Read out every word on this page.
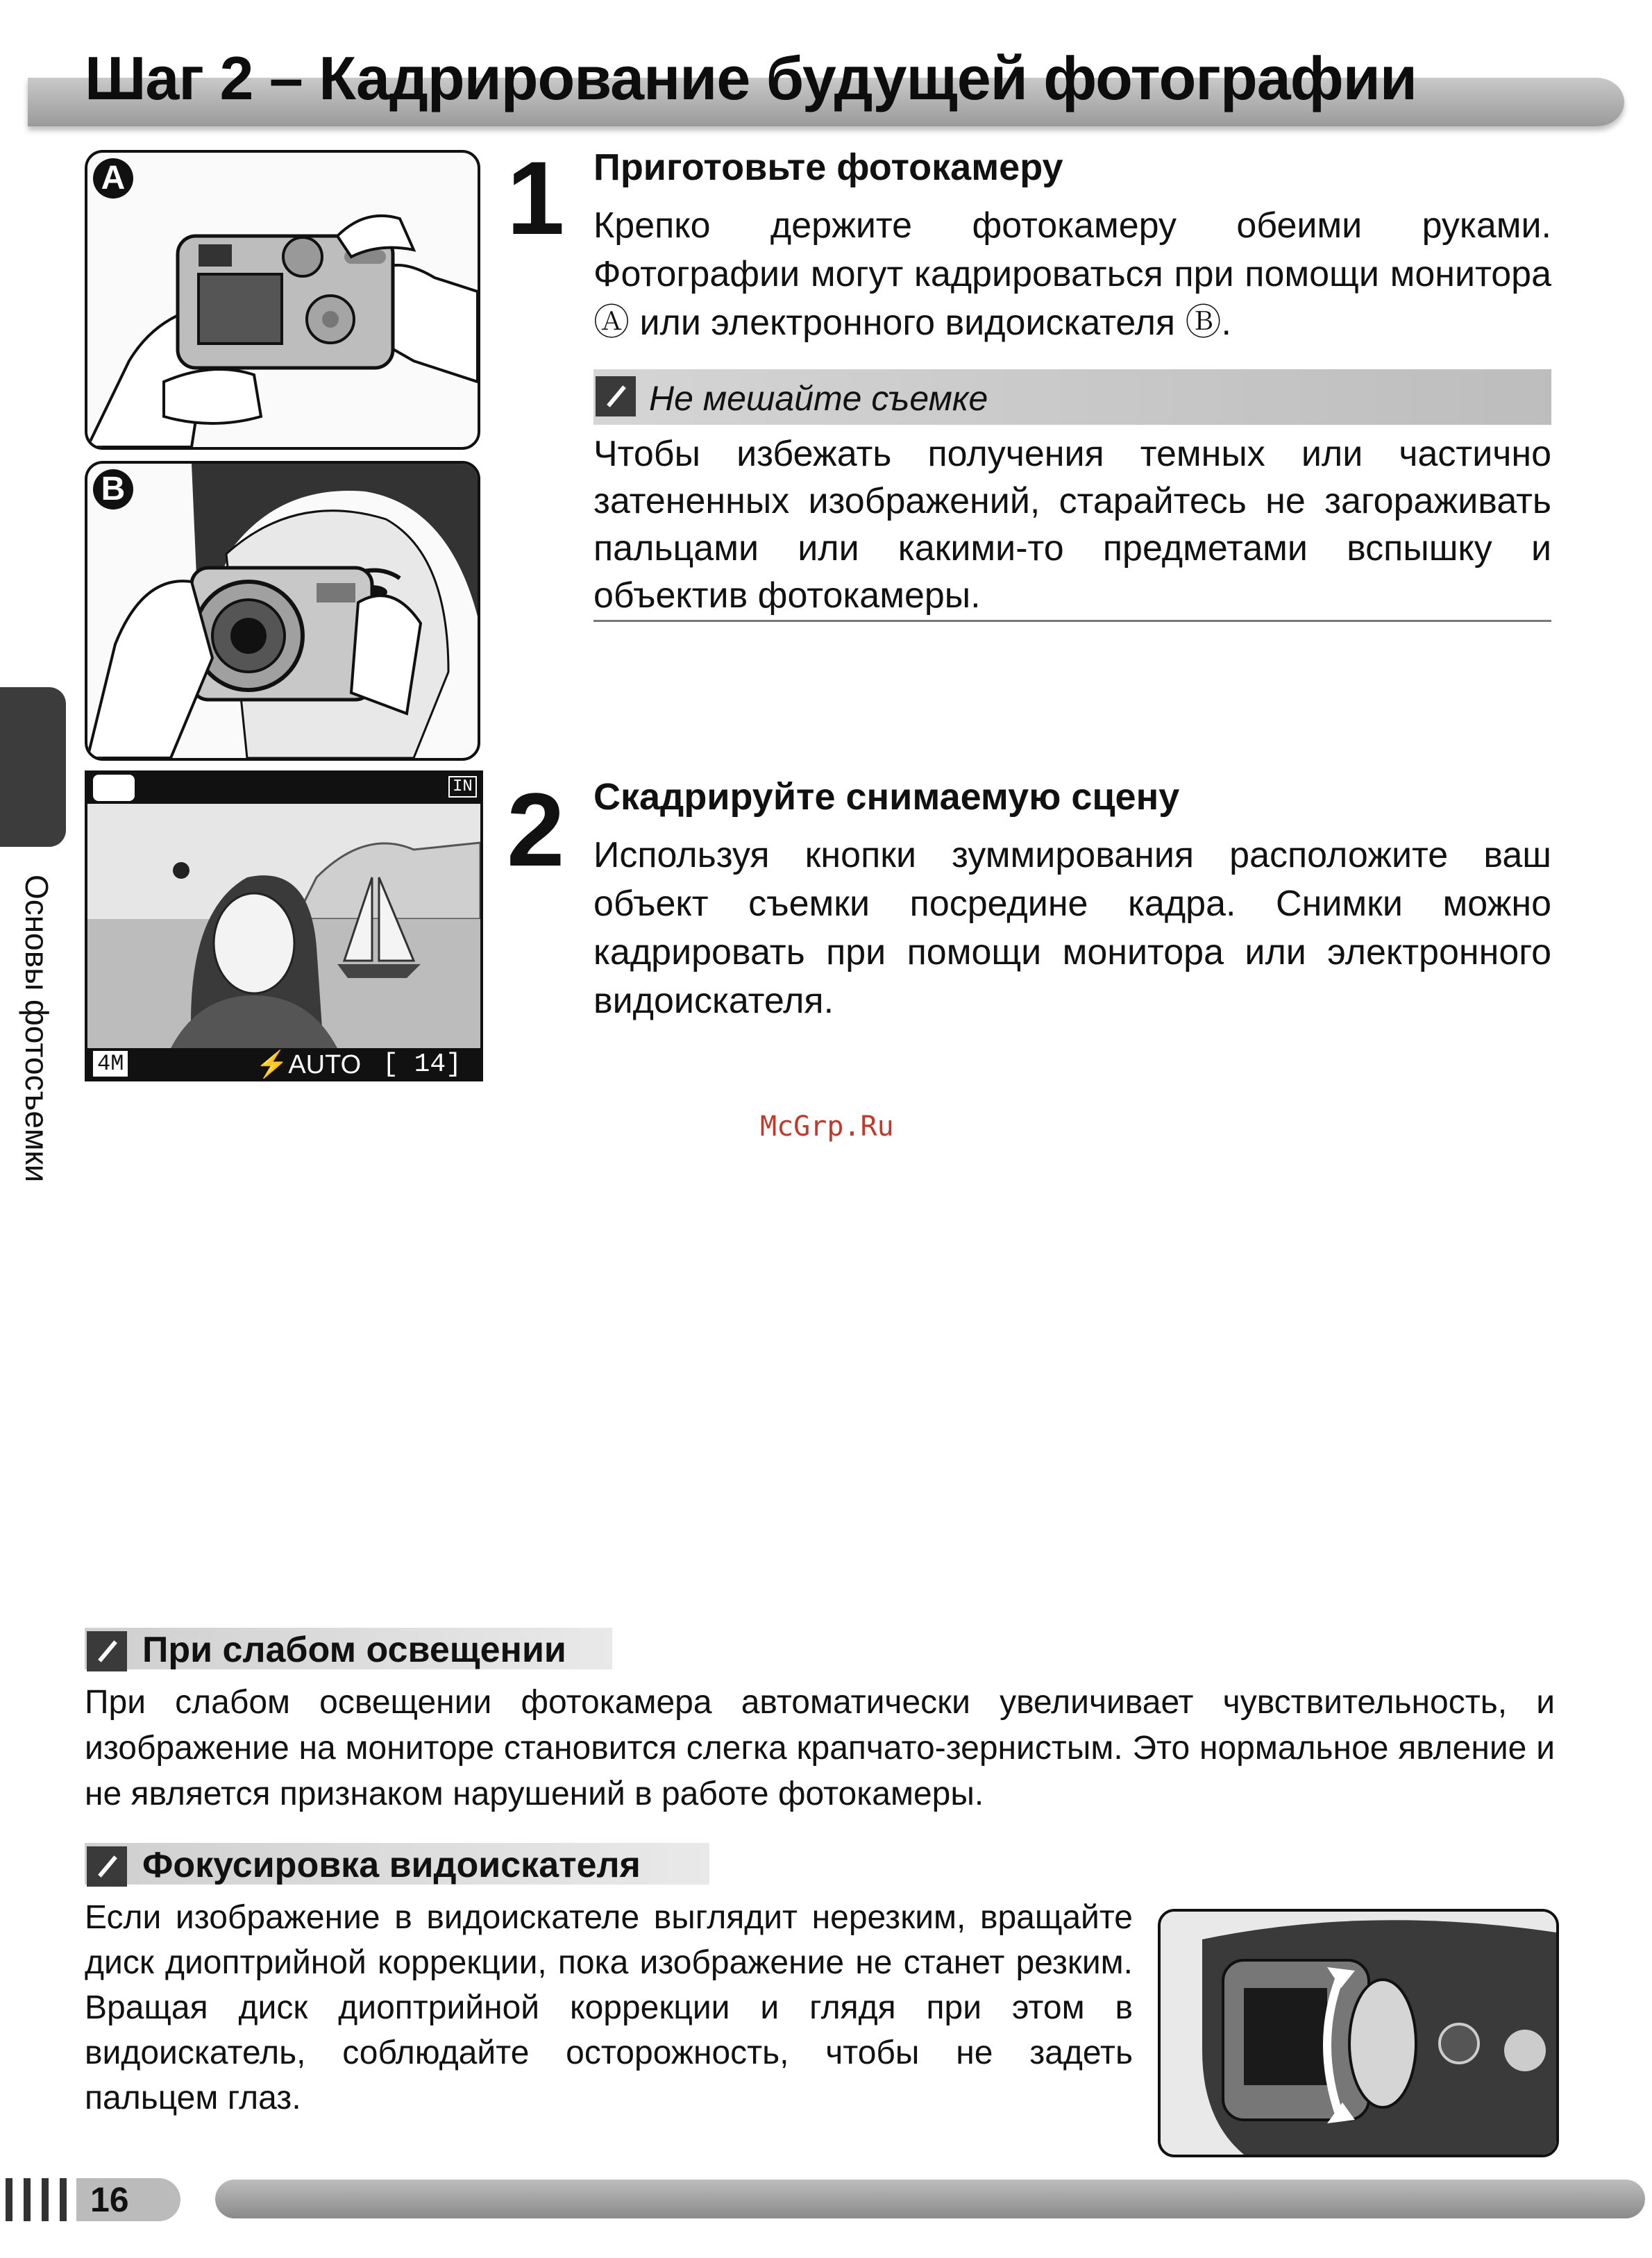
Шаг 2 – Кадрирование будущей фотографии
Основы фотосъемки
A
B
IN
4M	⚡AUTO [ 14]
1 Приготовьте фотокамеру
Крепко держите фотокамеру обеими руками. Фотографии могут кадрироваться при помощи монитора Ⓐ или электронного видоискателя Ⓑ.
Не мешайте съемке
Чтобы избежать получения темных или частично затененных изображений, старайтесь не загораживать пальцами или какими-то предметами вспышку и объектив фотокамеры.
2 Скадрируйте снимаемую сцену
Используя кнопки зуммирования расположите ваш объект съемки посредине кадра. Снимки можно кадрировать при помощи монитора или электронного видоискателя.
McGrp.Ru
При слабом освещении
При слабом освещении фотокамера автоматически увеличивает чувствительность, и изображение на мониторе становится слегка крапчато-зернистым. Это нормальное явление и не является признаком нарушений в работе фотокамеры.
Фокусировка видоискателя
Если изображение в видоискателе выглядит нерезким, вращайте диск диоптрийной коррекции, пока изображение не станет резким. Вращая диск диоптрийной коррекции и глядя при этом в видоискатель, соблюдайте осторожность, чтобы не задеть пальцем глаз.
16
